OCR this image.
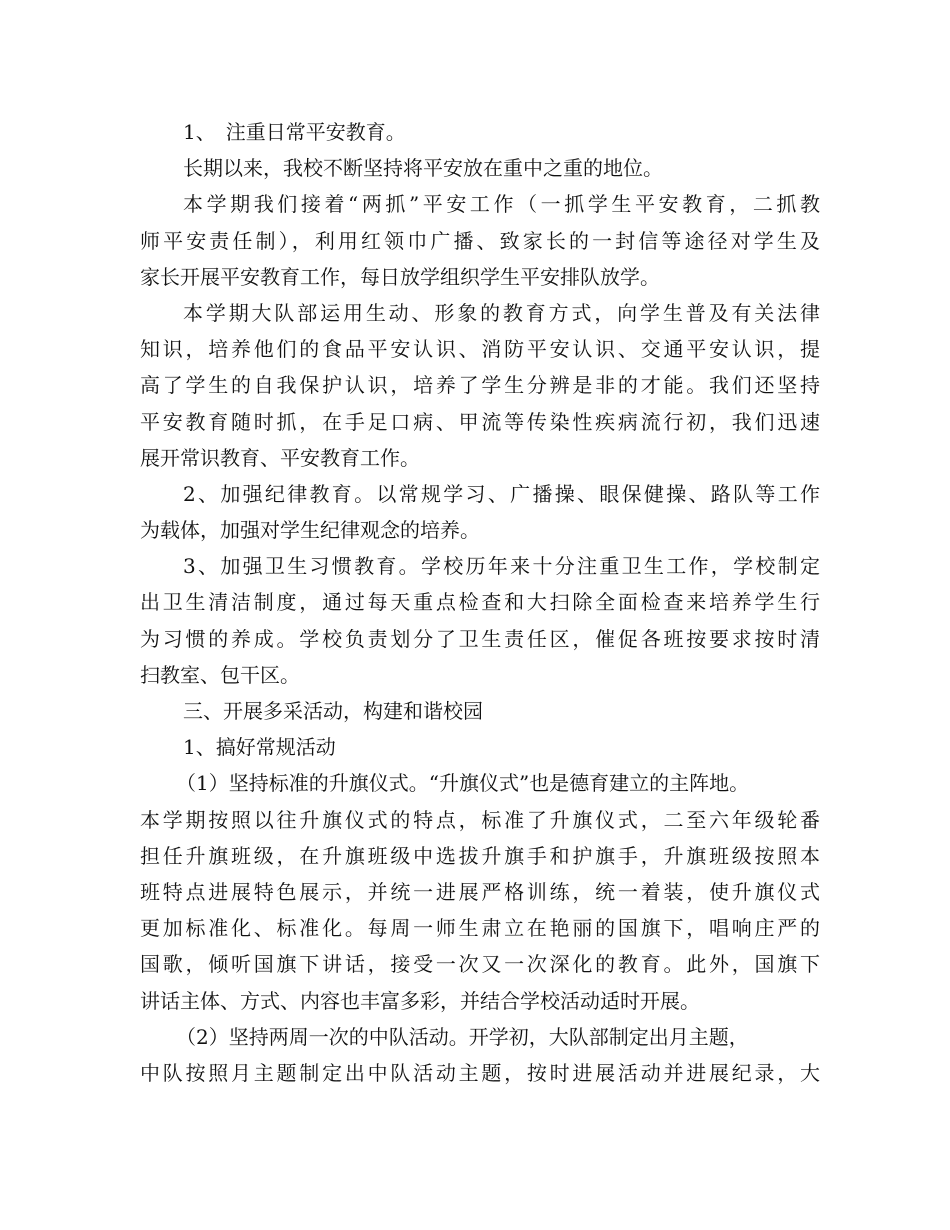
1、　注重日常平安教育。
长期以来，我校不断坚持将平安放在重中之重的地位。
本学期我们接着“两抓”平安工作（一抓学生平安教育，二抓教
师平安责任制），利用红领巾广播、致家长的一封信等途径对学生及
家长开展平安教育工作，每日放学组织学生平安排队放学。
本学期大队部运用生动、形象的教育方式，向学生普及有关法律
知识，培养他们的食品平安认识、消防平安认识、交通平安认识，提
高了学生的自我保护认识，培养了学生分辨是非的才能。我们还坚持
平安教育随时抓，在手足口病、甲流等传染性疾病流行初，我们迅速
展开常识教育、平安教育工作。
2、加强纪律教育。以常规学习、广播操、眼保健操、路队等工作
为载体，加强对学生纪律观念的培养。
3、加强卫生习惯教育。学校历年来十分注重卫生工作，学校制定
出卫生清洁制度，通过每天重点检查和大扫除全面检查来培养学生行
为习惯的养成。学校负责划分了卫生责任区，催促各班按要求按时清
扫教室、包干区。
三、开展多采活动，构建和谐校园
1、搞好常规活动
（1）坚持标准的升旗仪式。“升旗仪式”也是德育建立的主阵地。
本学期按照以往升旗仪式的特点，标准了升旗仪式，二至六年级轮番
担任升旗班级，在升旗班级中选拔升旗手和护旗手，升旗班级按照本
班特点进展特色展示，并统一进展严格训练，统一着装，使升旗仪式
更加标准化、标准化。每周一师生肃立在艳丽的国旗下，唱响庄严的
国歌，倾听国旗下讲话，接受一次又一次深化的教育。此外，国旗下
讲话主体、方式、内容也丰富多彩，并结合学校活动适时开展。
（2）坚持两周一次的中队活动。开学初，大队部制定出月主题，
中队按照月主题制定出中队活动主题，按时进展活动并进展纪录，大
